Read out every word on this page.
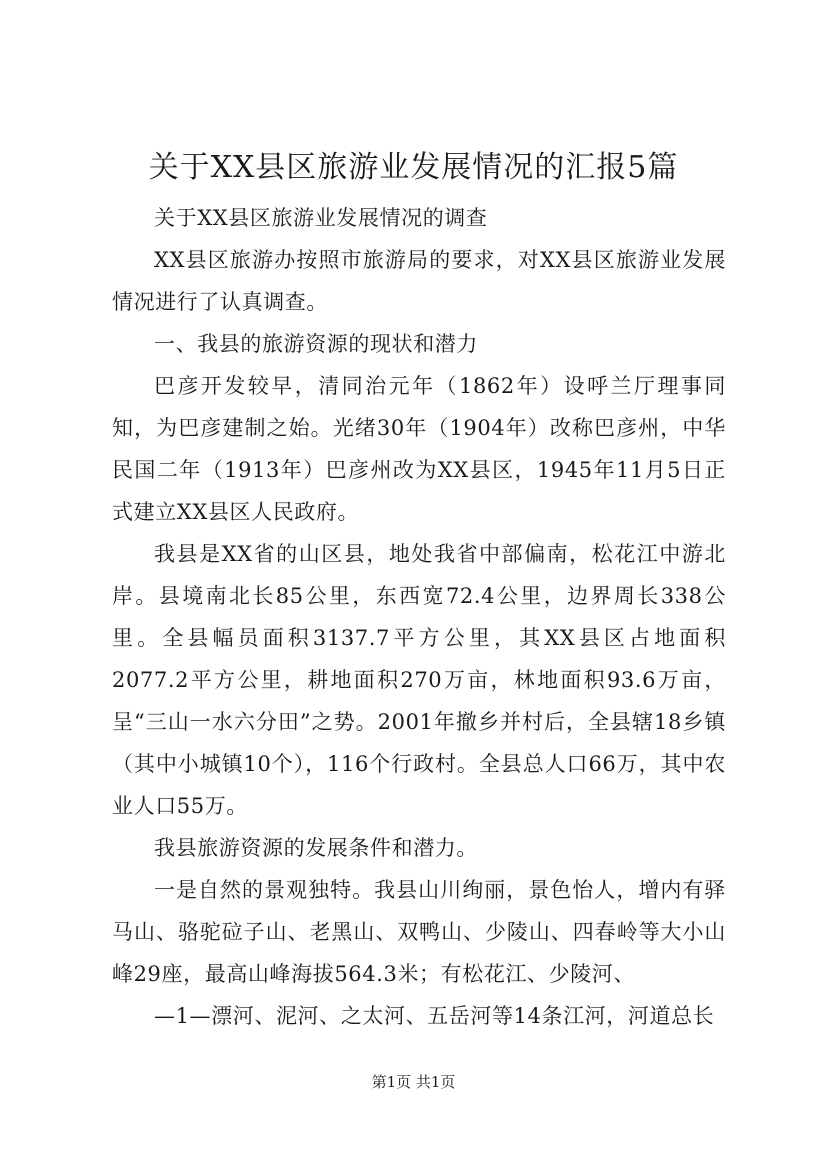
关于XX县区旅游业发展情况的汇报5篇

关于XX县区旅游业发展情况的调查

XX县区旅游办按照市旅游局的要求，对XX县区旅游业发展情况进行了认真调查。

一、我县的旅游资源的现状和潜力

巴彦开发较早，清同治元年（1862年）设呼兰厅理事同知，为巴彦建制之始。光绪30年（1904年）改称巴彦州，中华民国二年（1913年）巴彦州改为XX县区，1945年11月5日正式建立XX县区人民政府。

我县是XX省的山区县，地处我省中部偏南，松花江中游北岸。县境南北长85公里，东西宽72.4公里，边界周长338公里。全县幅员面积3137.7平方公里，其XX县区占地面积2077.2平方公里，耕地面积270万亩，林地面积93.6万亩，呈“三山一水六分田”之势。2001年撤乡并村后，全县辖18乡镇（其中小城镇10个），116个行政村。全县总人口66万，其中农业人口55万。

我县旅游资源的发展条件和潜力。

一是自然的景观独特。我县山川绚丽，景色怡人，增内有驿马山、骆驼砬子山、老黑山、双鸭山、少陵山、四春岭等大小山峰29座，最高山峰海拔564.3米；有松花江、少陵河、

—1—漂河、泥河、之太河、五岳河等14条江河，河道总长

第1页 共1页
